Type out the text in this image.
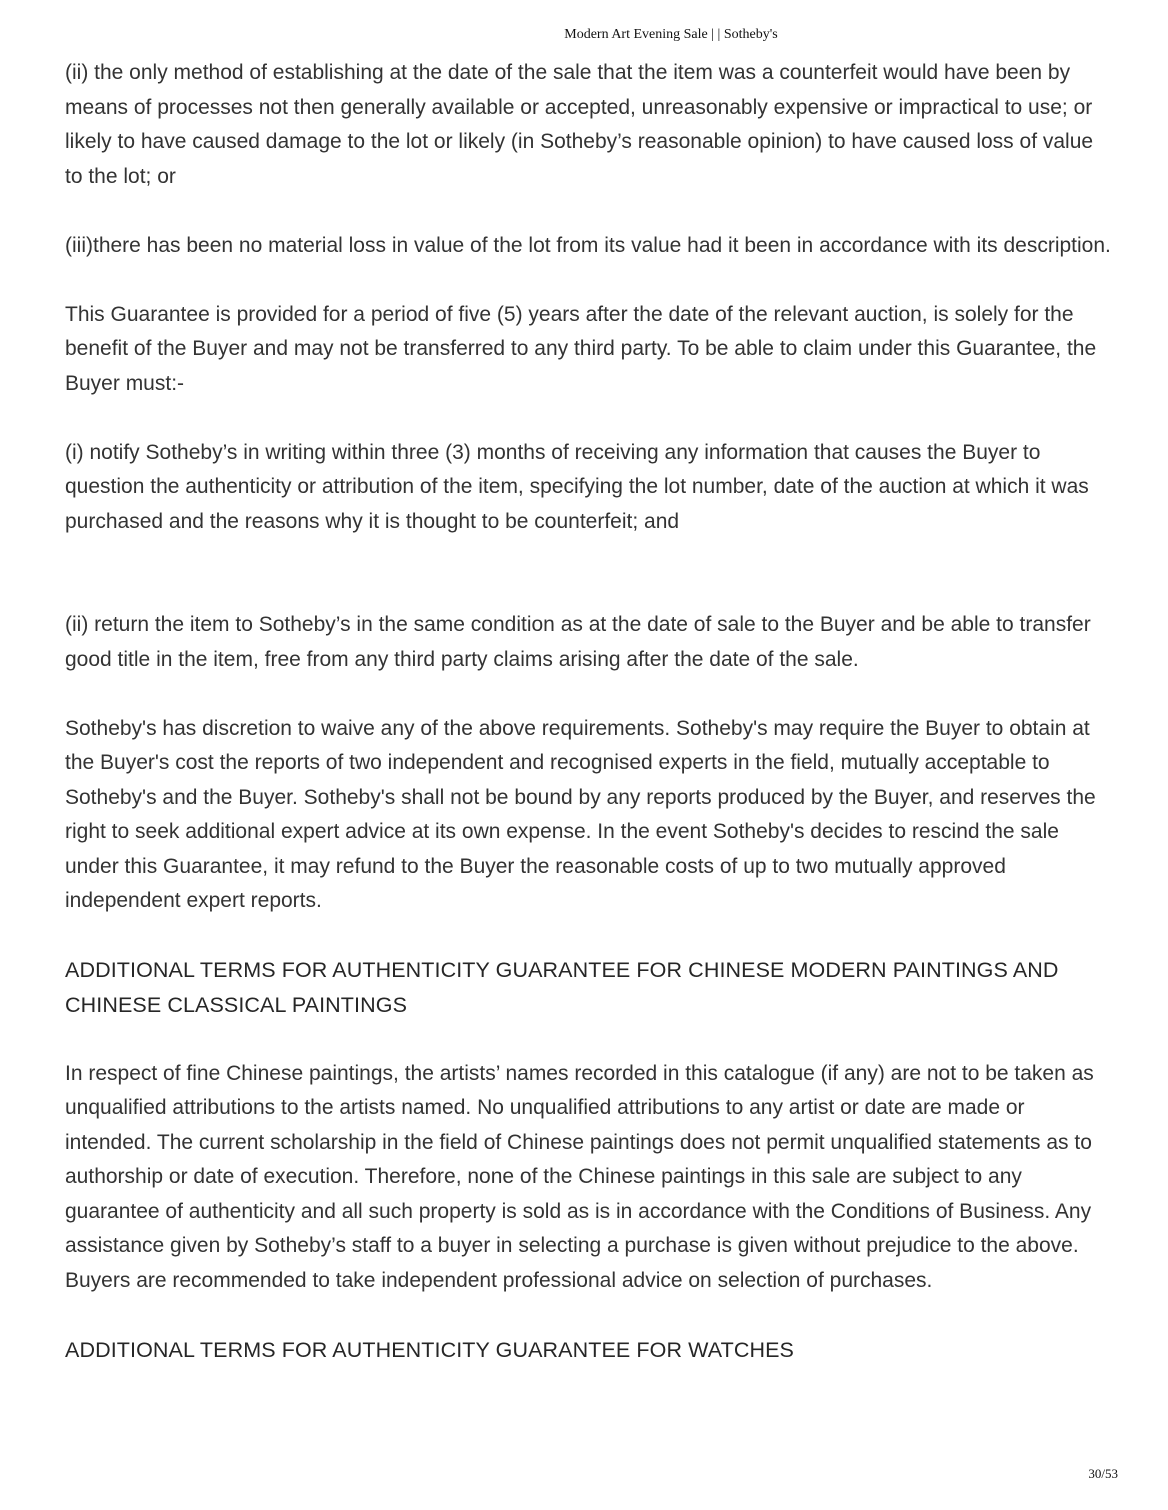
Modern Art Evening Sale | | Sotheby's

(ii) the only method of establishing at the date of the sale that the item was a counterfeit would have been by means of processes not then generally available or accepted, unreasonably expensive or impractical to use; or likely to have caused damage to the lot or likely (in Sotheby’s reasonable opinion) to have caused loss of value to the lot; or

(iii)there has been no material loss in value of the lot from its value had it been in accordance with its description.

This Guarantee is provided for a period of five (5) years after the date of the relevant auction, is solely for the benefit of the Buyer and may not be transferred to any third party. To be able to claim under this Guarantee, the Buyer must:-

(i) notify Sotheby’s in writing within three (3) months of receiving any information that causes the Buyer to question the authenticity or attribution of the item, specifying the lot number, date of the auction at which it was purchased and the reasons why it is thought to be counterfeit; and

(ii) return the item to Sotheby’s in the same condition as at the date of sale to the Buyer and be able to transfer good title in the item, free from any third party claims arising after the date of the sale.

Sotheby's has discretion to waive any of the above requirements. Sotheby's may require the Buyer to obtain at the Buyer's cost the reports of two independent and recognised experts in the field, mutually acceptable to Sotheby's and the Buyer. Sotheby's shall not be bound by any reports produced by the Buyer, and reserves the right to seek additional expert advice at its own expense. In the event Sotheby's decides to rescind the sale under this Guarantee, it may refund to the Buyer the reasonable costs of up to two mutually approved independent expert reports.

ADDITIONAL TERMS FOR AUTHENTICITY GUARANTEE FOR CHINESE MODERN PAINTINGS AND CHINESE CLASSICAL PAINTINGS

In respect of fine Chinese paintings, the artists’ names recorded in this catalogue (if any) are not to be taken as unqualified attributions to the artists named. No unqualified attributions to any artist or date are made or intended. The current scholarship in the field of Chinese paintings does not permit unqualified statements as to authorship or date of execution. Therefore, none of the Chinese paintings in this sale are subject to any guarantee of authenticity and all such property is sold as is in accordance with the Conditions of Business. Any assistance given by Sotheby’s staff to a buyer in selecting a purchase is given without prejudice to the above. Buyers are recommended to take independent professional advice on selection of purchases.

ADDITIONAL TERMS FOR AUTHENTICITY GUARANTEE FOR WATCHES
30/53
